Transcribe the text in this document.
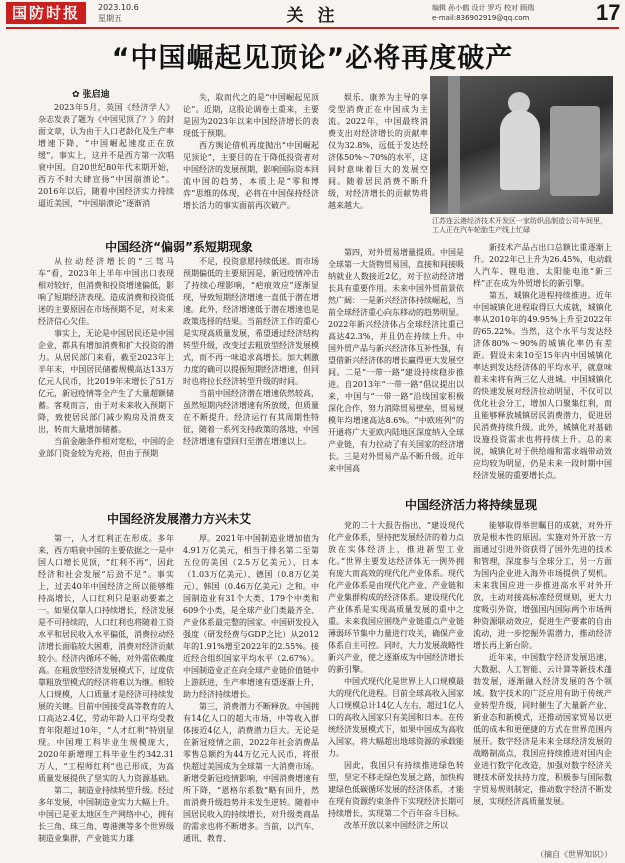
国防时报	2023.10.6
星期五	关 注	编辑 孙小鹤 设计 罗巧 校对 顾瑞
e-mail:836902919@qq.com	17
“中国崛起见顶论”必将再度破产
✿ 张启迪

2023年5月，英国《经济学人》杂志发表了题为《中国见顶了？》的封面文章，认为由于人口老龄化及生产率增速下降，“中国崛起速度正在放缓”。事实上，这并不是西方第一次唱衰中国。自20世纪80年代末期开始，西方不时大肆宣扬“中国崩溃论”。2016年以后，随着中国经济实力持续逼近美国，“中国崩溃论”逐渐消

失，取而代之的是“中国崛起见顶论”。近期，这股论调卷土重来，主要是因为2023年以来中国经济增长的表现低于预期。

西方舆论借机再度抛出“中国崛起见顶论”，主要目的在于降低投资者对中国经济的发展预期，影响国际资本回流中国的趋势，本质上是“零和博弈”思维的体现，必将在中国保持经济增长活力的事实面前再次破产。

娱乐、康养为主导的享受型消费正在中国成为主流。2022年，中国最终消费支出对经济增长的贡献率仅为32.8%，远低于发达经济体50%～70%的水平，这同时意味着巨大的发展空间。随着居民消费不断升级，对经济增长的贡献势将越来越大。

江苏连云港经济技术开发区一家纺织品制造公司车间里，工人正在汽车轮胎生产线上忙碌
中国经济“偏弱”系短期现象

从拉动经济增长的“三驾马车”看，2023年上半年中国出口表现相对较好，但消费和投资增速偏低，影响了短期经济表现。造成消费和投资低迷的主要原因在市场预期不足，对未来经济信心欠佳。

事实上，无论是中国居民还是中国企业，都具有增加消费和扩大投资的潜力。从居民部门来看，截至2023年上半年末，中国居民储蓄规模高达133万亿元人民币，比2019年末增长了51万亿元，新冠疫情等全产生了大量超额储蓄。客观而言，由于对未来收入预期下降，致使居民部门减少购房及消费支出，转而大量增加储蓄。

当前金融条件相对宽松，中国的企业部门资金较为充裕，但由于预期

不足，投资意愿持续低迷。而市场预期偏低的主要原因是，新冠疫情冲击了持续心理影响，“疤痕效应”逐渐显现，导致短期经济增速一直低于潜在增速。此外，经济增速低于潜在增速也是政策选择的结果。当前经济工作的重心是实现高质量发展，希望通过经济结构转型升级，改变过去粗放型经济发展模式，而不再一味追求高增长。加大刺激力度的确可以提振短期经济增速，但同时也将拉长经济转型升级的时间。

当前中国经济潜在增速依然较高，虽然短期内经济增速有所放缓，但质量在不断提升。经济运行有其周期性特征，随着一系列支持政策的落地，中国经济增速有望回归至潜在增速以上。

第四，对外贸易增量提质。中国是全球第一大货物贸易国，直接和间接吸纳就业人数接近2亿，对于拉动经济增长具有重要作用。未来中国外贸前景依然广阔：一是新兴经济体持续崛起，当前全球经济重心向东移动的趋势明显。2022年新兴经济体占全球经济比重已高达42.3%，并且仍在持续上升。中国外贸产品与新兴经济体互补性强，有望借新兴经济体的增长赢得更大发展空间。二是“一带一路”建设持续稳步推进。自2013年“一带一路”倡议提出以来，中国与“一带一路”沿线国家积极深化合作，努力消除贸易壁垒，贸易规模年均增速高达8.6%。“中欧班列”的开通将广大亚欧内陆地区深度纳入全球产业链，有力拉动了有关国家的经济增长。三是对外贸易产品不断升级。近年来中国高

新技术产品占出口总额比重逐渐上升。2022年已上升为26.45%，电动载人汽车、锂电池、太阳能电池“新三样”正在成为外贸增长的新引擎。

第五，城镇化进程持续推进。近年中国城镇化进程取得巨大成就，城镇化率从2010年的49.95%上升至2022年的65.22%。当然，这个水平与发达经济体80%～90%的城镇化率仍有差距。假设未来10至15年内中国城镇化率达到发达经济体的平均水平，就意味着未来将有两三亿人进城。中国城镇化的快速发展对经济拉动明显，不仅可以优化社会分工，增加人口聚集红利，而且能够释放城镇居民消费潜力，促进居民消费持续升级。此外，城镇化对基础设施投资需求也将持续上升。总的来说，城镇化对于供给端和需求端带动效应均较为明显，仍是未来一段时期中国经济发展的重要增长点。

中国经济发展潜力方兴未艾

第一，人才红利正在形成。多年来，西方唱衰中国的主要依据之一是中国人口增长见顶，“红利不再”，因此经济和社会发展“后劲不足”。事实上，过去40年中国经济之所以能够维持高增长，人口红利只是驱动要素之一。如果仅靠人口持续增长，经济发展是不可持续的，人口红利也将随着工资水平和居民收入水平偏低，消费拉动经济增长面临较大困难，消费对经济贡献较小。经济内循环不畅，对外需依赖度高。在粗放型经济发展模式下，过度依靠粗放型模式的经济将难以为继。相较人口规模，人口质量才是经济可持续发展的关键。目前中国接受高等教育的人口高达2.4亿，劳动年龄人口平均受教育年限超过10年，“人才红利”特别显现。中国理工科毕业生规模庞大，2020年新增理工科毕业生约342.31万人，“工程师红利”也已形成，为高质量发展提供了坚实的人力资源基础。

第二，制造业持续转型升级。经过多年发展，中国制造业实力大幅上升。中国已是亚太地区生产网络中心，拥有长三角、珠三角、粤港澳等多个世界级制造业集群，产业链实力雄

厚。2021年中国制造业增加值为4.91万亿美元，相当于排名第二至第五位的美国（2.5万亿美元）、日本（1.03万亿美元）、德国（0.8万亿美元）、韩国（0.46万亿美元）之和。中国制造业有31个大类、179个中类和609个小类，是全球产业门类最齐全、产业体系最完整的国家。中国研发投入强度（研发经费与GDP之比）从2012年的1.91%增至2022年的2.55%。接近经合组织国家平均水平（2.67%）。中国制造业正在向全球产业链价值链中上游跃进，生产率增速有望逐渐上升，助力经济持续增长。

第三，消费潜力不断释放。中国拥有14亿人口的超大市场，中等收入群体接近4亿人，消费潜力巨大。无论是在新冠疫情之前，2022年社会消费品零售总额约为44万亿元人民币，将很快超过美国成为全球第一大消费市场。新增受新冠疫情影响，中国消费增速有所下降，“恩格尔系数”略有回升，然而消费升级趋势并未发生逆转。随着中国居民收入的持续增长，对升级类商品的需求也将不断增多。当前，以汽车、通讯、教育、

中国经济活力将持续显现

党的二十大报告指出，“建设现代化产业体系，坚持把发展经济的着力点放在实体经济上，推进新型工业化。”世界主要发达经济体无一例外拥有庞大而高效的现代化产业体系。现代化产业体系是由现代化产业、产业链和产业集群构成的经济体系。建设现代化产业体系是实现高质量发展的重中之重。未来我国应围绕产业链重点产业链薄弱环节集中力量进行攻关，确保产业体系自主可控。同时，大力发展战略性新兴产业，使之逐渐成为中国经济增长的新引擎。

中国式现代化是世界上人口规模最大的现代化进程。目前全球高收入国家人口规模总计14亿人左右，超过1亿人口的高收入国家只有美国和日本。在传统经济发展模式下，如果中国成为高收入国家，将大幅超出地球资源的承载能力。

因此，我国只有持续推进绿色转型，坚定不移走绿色发展之路，加快构建绿色低碳循环发展的经济体系，才能在现有资源约束条件下实现经济长期可持续增长，实现第二个百年奋斗目标。

改革开放以来中国经济之所以

能够取得举世瞩目的成就，对外开放是根本性的原因。实施对外开放一方面通过引进外资获得了国外先进的技术和管理，深度参与全球分工，另一方面为国内企业进入海外市场提供了契机。未来我国应进一步推进高水平对外开放，主动对接高标准经贸规则，更大力度吸引外资，增强国内国际两个市场两种资源联动效应，促进生产要素的自由流动，进一步挖掘外需潜力，推动经济增长再上新台阶。

近年来，中国数字经济发展迅速，大数据、人工智能、云计算等新技术蓬勃发展，逐渐融入经济发展的各个领域。数字技术的广泛应用有助于传统产业转型升级，同时催生了大量新产业、新业态和新模式，还推动国家贸易以更低的成本和更便捷的方式在世界范围内展开。数字经济是未来全球经济发展的战略制高点，我国应持续推进对国内企业进行数字化改造，加强对数字经济关键技术研发扶持力度，积极参与国际数字贸易规则制定，推动数字经济不断发展，实现经济高质量发展。

（摘自《世界知识》）
